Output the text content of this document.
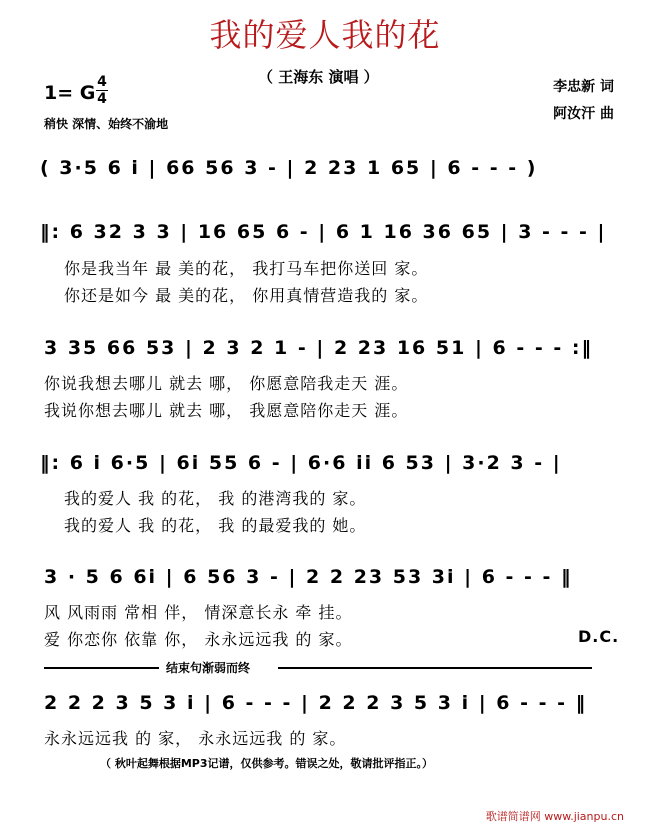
我的爱人我的花
（ 王海东 演唱 ）
李忠新 词
阿汝汗 曲
1= G 4
4
稍快 深情、始终不渝地
( 3·5 6 i | 66 56 3 - | 2 23 1 65 | 6 - - - )
‖: 6 32 3 3 | 16 65 6 - | 6 1 16 36 65 | 3 - - - |
你是我当年 最 美的花， 我打马车把你送回 家。
你还是如今 最 美的花， 你用真情营造我的 家。
3 35 66 53 | 2 3 2 1 - | 2 23 16 51 | 6 - - - :‖
你说我想去哪儿 就去 哪， 你愿意陪我走天 涯。
我说你想去哪儿 就去 哪， 我愿意陪你走天 涯。
‖: 6 i 6·5 | 6i 55 6 - | 6·6 ii 6 53 | 3·2 3 - |
我的爱人 我 的花， 我 的港湾我的 家。
我的爱人 我 的花， 我 的最爱我的 她。
3 · 5 6 6i | 6 56 3 - | 2 2 23 53 3i | 6 - - - ‖
风 风雨雨 常相 伴， 情深意长永 牵 挂。
爱 你恋你 依靠 你， 永永远远我 的 家。	D.C.
结束句渐弱而终
2 2 2 3 5 3 i | 6 - - - | 2 2 2 3 5 3 i | 6 - - - ‖
永永远远我 的 家， 永永远远我 的 家。
（ 秋叶起舞根据MP3记谱，仅供参考。错误之处，敬请批评指正。）
歌谱简谱网 www.jianpu.cn
